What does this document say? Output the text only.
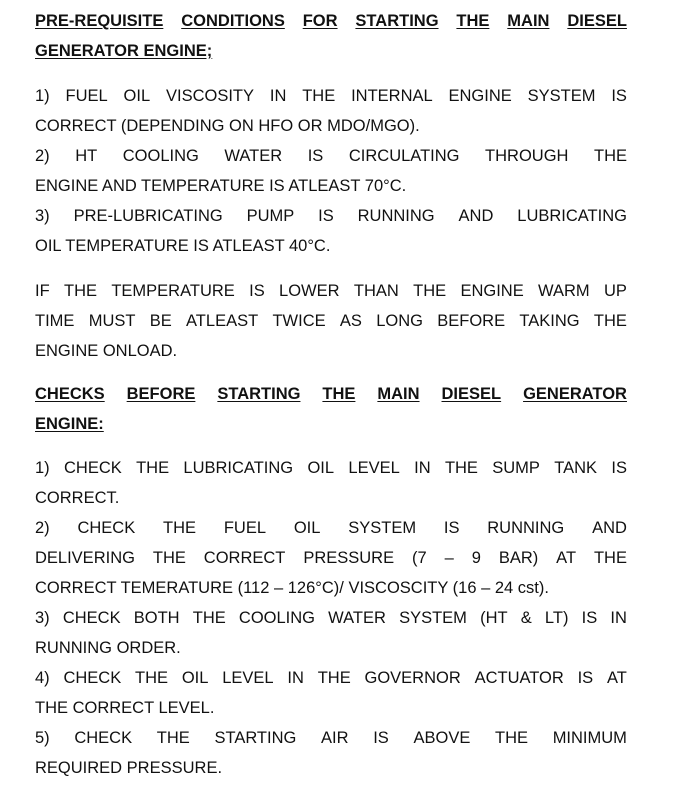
PRE-REQUISITE CONDITIONS FOR STARTING THE MAIN DIESEL
GENERATOR ENGINE;
1) FUEL OIL VISCOSITY IN THE INTERNAL ENGINE SYSTEM IS
CORRECT (DEPENDING ON HFO OR MDO/MGO).
2) HT COOLING WATER IS CIRCULATING THROUGH THE
ENGINE AND TEMPERATURE IS ATLEAST 70°C.
3) PRE-LUBRICATING PUMP IS RUNNING AND LUBRICATING
OIL TEMPERATURE IS ATLEAST 40°C.
IF THE TEMPERATURE IS LOWER THAN THE ENGINE WARM UP
TIME MUST BE ATLEAST TWICE AS LONG BEFORE TAKING THE
ENGINE ONLOAD.
CHECKS BEFORE STARTING THE MAIN DIESEL GENERATOR
ENGINE:
1) CHECK THE LUBRICATING OIL LEVEL IN THE SUMP TANK IS
CORRECT.
2) CHECK THE FUEL OIL SYSTEM IS RUNNING AND
DELIVERING THE CORRECT PRESSURE (7 – 9 BAR) AT THE
CORRECT TEMERATURE (112 – 126°C)/ VISCOSCITY (16 – 24 cst).
3) CHECK BOTH THE COOLING WATER SYSTEM (HT & LT) IS IN
RUNNING ORDER.
4) CHECK THE OIL LEVEL IN THE GOVERNOR ACTUATOR IS AT
THE CORRECT LEVEL.
5) CHECK THE STARTING AIR IS ABOVE THE MINIMUM
REQUIRED PRESSURE.
